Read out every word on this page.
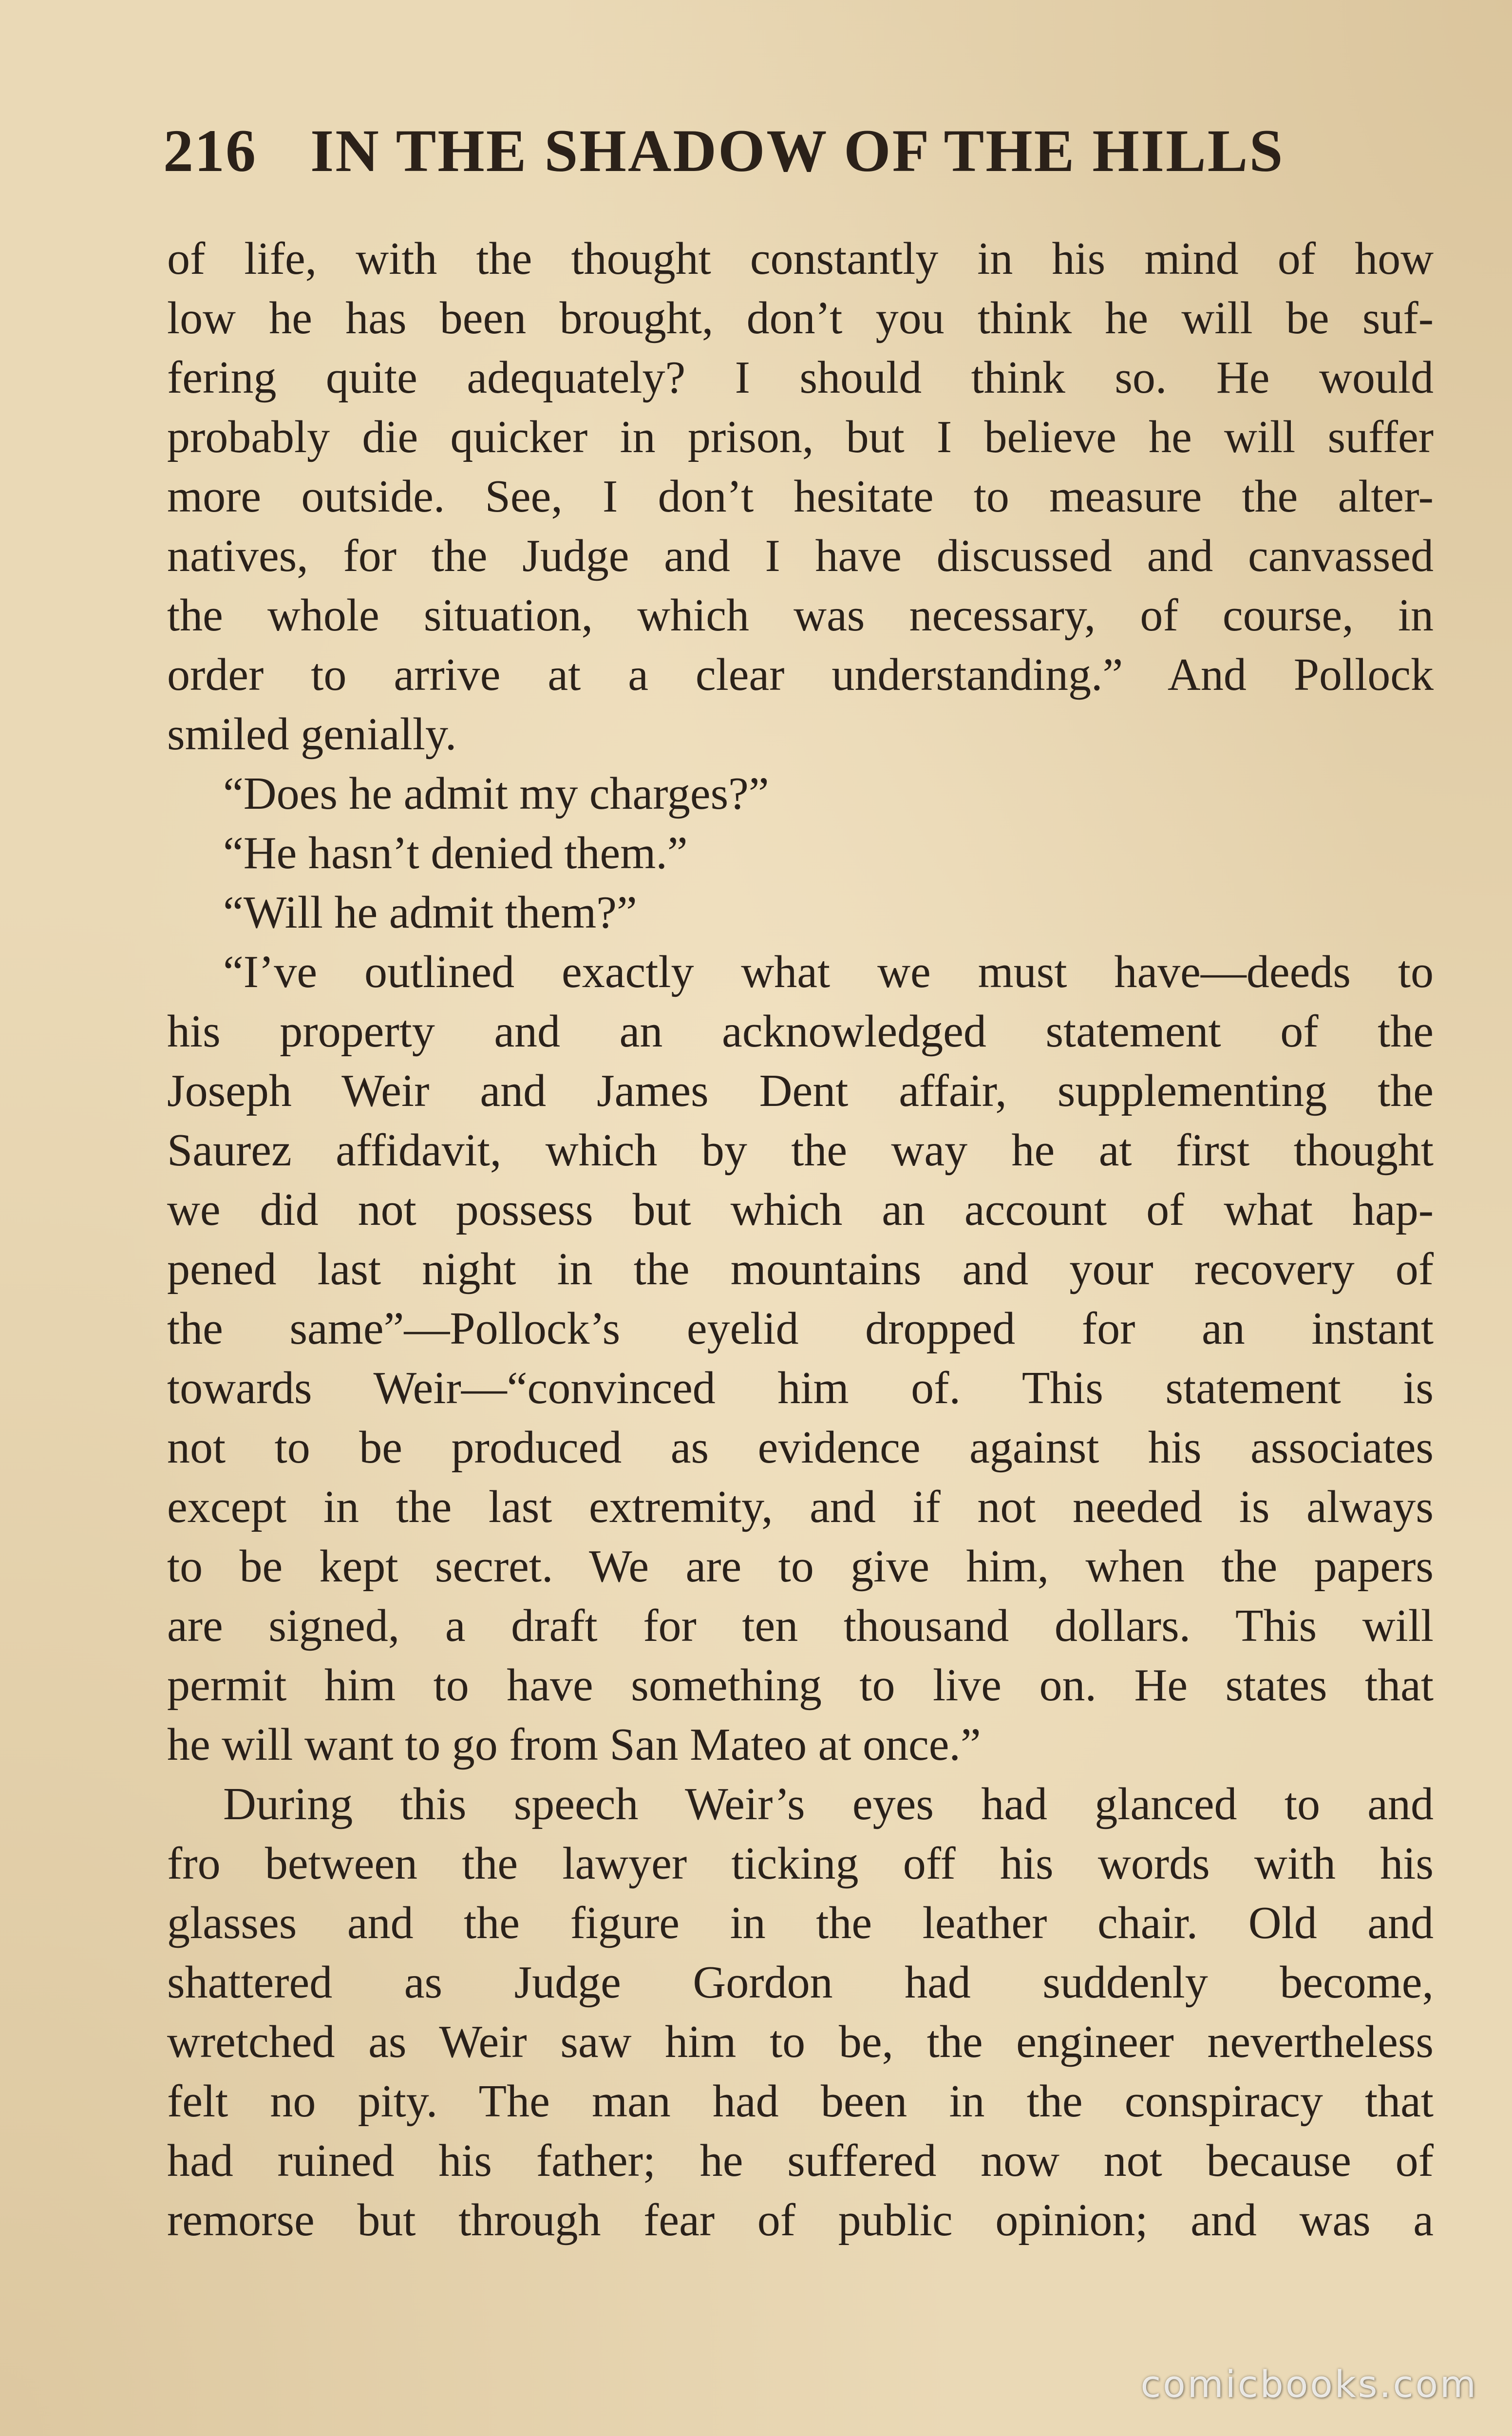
216 IN THE SHADOW OF THE HILLS
of life, with the thought constantly in his mind of how
low he has been brought, don’t you think he will be suf-
fering quite adequately? I should think so. He would
probably die quicker in prison, but I believe he will suffer
more outside. See, I don’t hesitate to measure the alter-
natives, for the Judge and I have discussed and canvassed
the whole situation, which was necessary, of course, in
order to arrive at a clear understanding.” And Pollock
smiled genially.
“Does he admit my charges?”
“He hasn’t denied them.”
“Will he admit them?”
“I’ve outlined exactly what we must have—deeds to
his property and an acknowledged statement of the
Joseph Weir and James Dent affair, supplementing the
Saurez affidavit, which by the way he at first thought
we did not possess but which an account of what hap-
pened last night in the mountains and your recovery of
the same”—Pollock’s eyelid dropped for an instant
towards Weir—“convinced him of. This statement is
not to be produced as evidence against his associates
except in the last extremity, and if not needed is always
to be kept secret. We are to give him, when the papers
are signed, a draft for ten thousand dollars. This will
permit him to have something to live on. He states that
he will want to go from San Mateo at once.”
During this speech Weir’s eyes had glanced to and
fro between the lawyer ticking off his words with his
glasses and the figure in the leather chair. Old and
shattered as Judge Gordon had suddenly become,
wretched as Weir saw him to be, the engineer nevertheless
felt no pity. The man had been in the conspiracy that
had ruined his father; he suffered now not because of
remorse but through fear of public opinion; and was a
comicbooks.com
